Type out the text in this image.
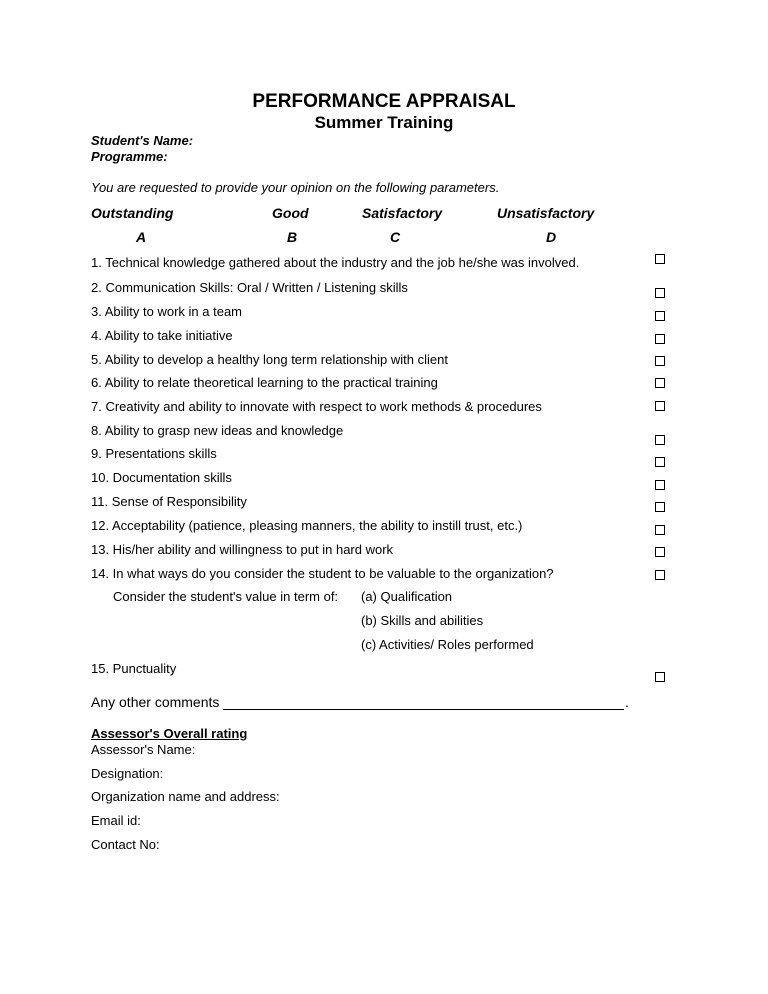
PERFORMANCE APPRAISAL
Summer Training
Student's Name:
Programme:
You are requested to provide your opinion on the following parameters.
Outstanding	Good	Satisfactory	Unsatisfactory
A	B	C	D
1. Technical knowledge gathered about the industry and the job he/she was involved.
2. Communication Skills: Oral / Written / Listening skills
3. Ability to work in a team
4. Ability to take initiative
5. Ability to develop a healthy long term relationship with client
6. Ability to relate theoretical learning to the practical training
7. Creativity and ability to innovate with respect to work methods & procedures
8. Ability to grasp new ideas and knowledge
9. Presentations skills
10. Documentation skills
11. Sense of Responsibility
12. Acceptability (patience, pleasing manners, the ability to instill trust, etc.)
13. His/her ability and willingness to put in hard work
14. In what ways do you consider the student to be valuable to the organization?
Consider the student's value in term of: (a) Qualification
(b) Skills and abilities
(c) Activities/ Roles performed
15. Punctuality
Any other comments	.
Assessor's Overall rating
Assessor's Name:
Designation:
Organization name and address:
Email id:
Contact No:
